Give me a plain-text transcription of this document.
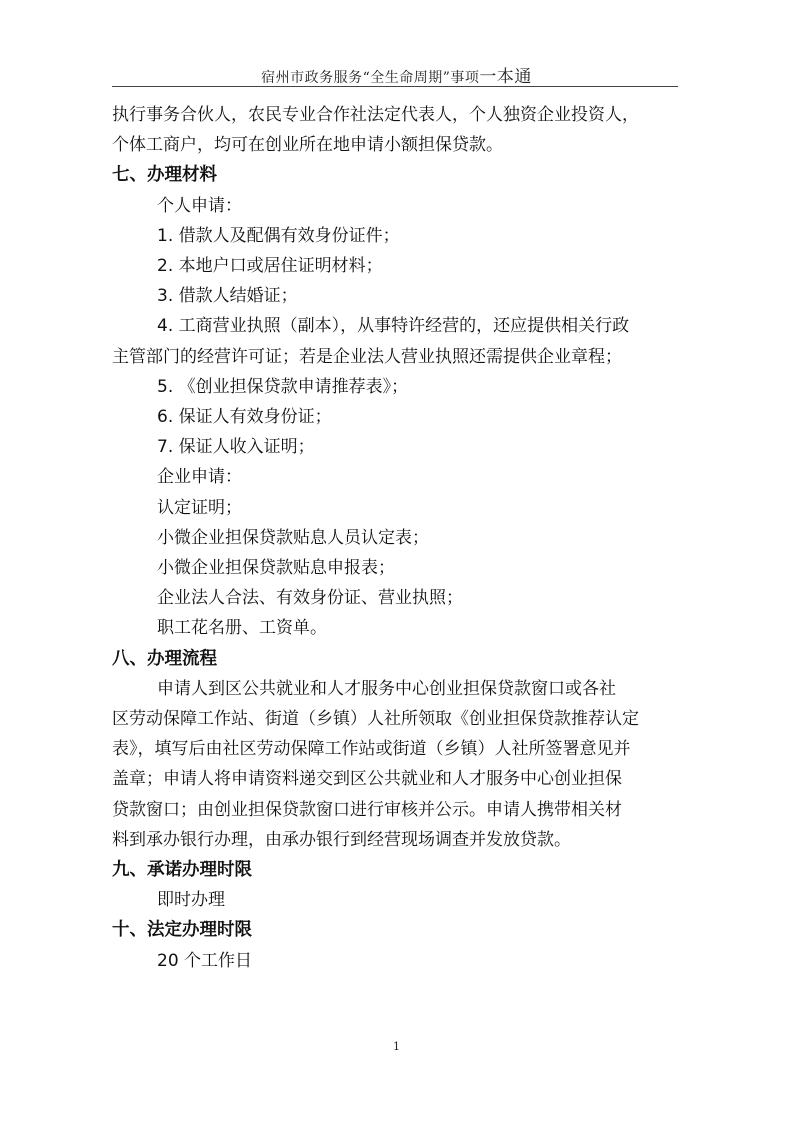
宿州市政务服务“全生命周期”事项一本通
执行事务合伙人，农民专业合作社法定代表人，个人独资企业投资人，
个体工商户，均可在创业所在地申请小额担保贷款。
七、办理材料
个人申请：
1. 借款人及配偶有效身份证件；
2. 本地户口或居住证明材料；
3. 借款人结婚证；
4. 工商营业执照（副本），从事特许经营的，还应提供相关行政
主管部门的经营许可证；若是企业法人营业执照还需提供企业章程；
5. 《创业担保贷款申请推荐表》；
6. 保证人有效身份证；
7. 保证人收入证明；
企业申请：
认定证明；
小微企业担保贷款贴息人员认定表；
小微企业担保贷款贴息申报表；
企业法人合法、有效身份证、营业执照；
职工花名册、工资单。
八、办理流程
申请人到区公共就业和人才服务中心创业担保贷款窗口或各社
区劳动保障工作站、街道（乡镇）人社所领取《创业担保贷款推荐认定
表》，填写后由社区劳动保障工作站或街道（乡镇）人社所签署意见并
盖章；申请人将申请资料递交到区公共就业和人才服务中心创业担保
贷款窗口；由创业担保贷款窗口进行审核并公示。申请人携带相关材
料到承办银行办理，由承办银行到经营现场调查并发放贷款。
九、承诺办理时限
即时办理
十、法定办理时限
20 个工作日
1
